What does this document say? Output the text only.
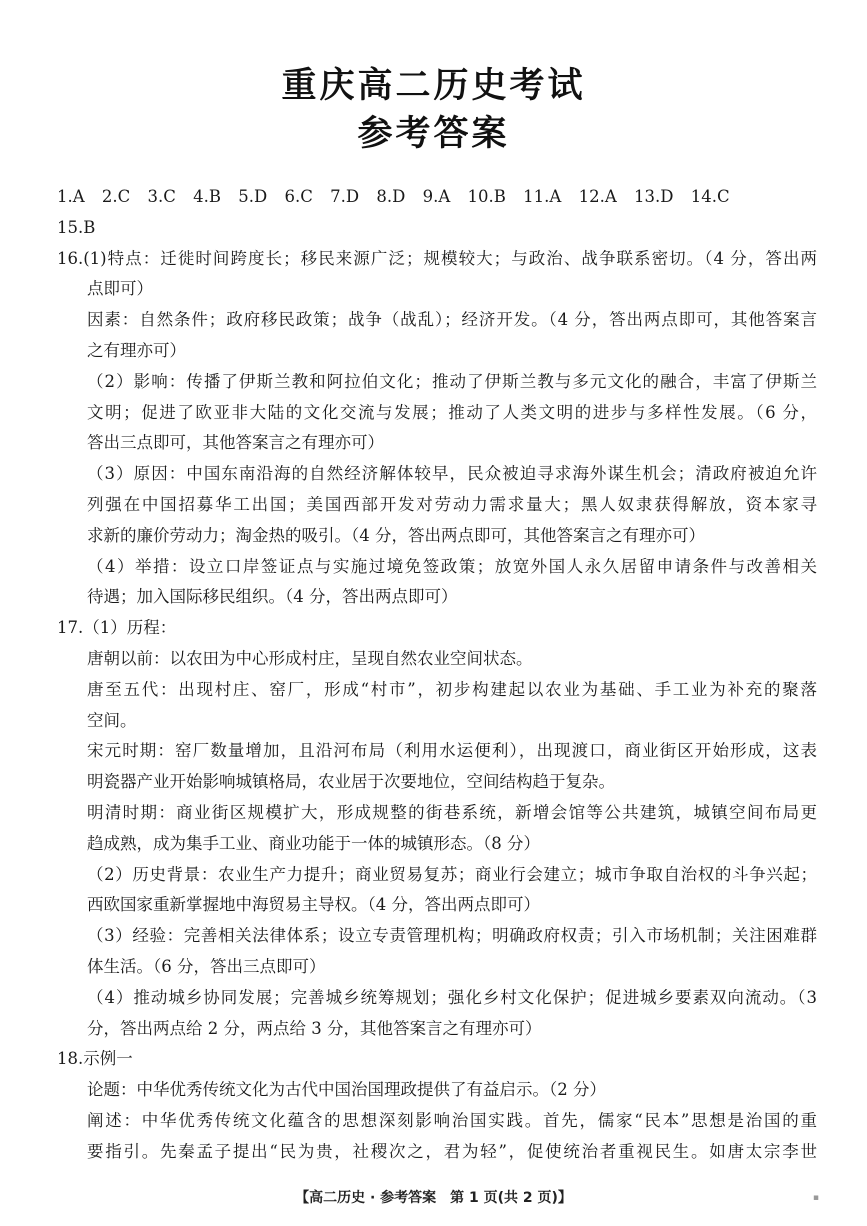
重庆高二历史考试
参考答案
1.A 2.C 3.C 4.B 5.D 6.C 7.D 8.D 9.A 10.B 11.A 12.A 13.D 14.C
15.B
16.(1)特点：迁徙时间跨度长；移民来源广泛；规模较大；与政治、战争联系密切。（4 分，答出两
点即可）
因素：自然条件；政府移民政策；战争（战乱）；经济开发。（4 分，答出两点即可，其他答案言
之有理亦可）
（2）影响：传播了伊斯兰教和阿拉伯文化；推动了伊斯兰教与多元文化的融合，丰富了伊斯兰
文明；促进了欧亚非大陆的文化交流与发展；推动了人类文明的进步与多样性发展。（6 分，
答出三点即可，其他答案言之有理亦可）
（3）原因：中国东南沿海的自然经济解体较早，民众被迫寻求海外谋生机会；清政府被迫允许
列强在中国招募华工出国；美国西部开发对劳动力需求量大；黑人奴隶获得解放，资本家寻
求新的廉价劳动力；淘金热的吸引。（4 分，答出两点即可，其他答案言之有理亦可）
（4）举措：设立口岸签证点与实施过境免签政策；放宽外国人永久居留申请条件与改善相关
待遇；加入国际移民组织。（4 分，答出两点即可）
17.（1）历程：
唐朝以前：以农田为中心形成村庄，呈现自然农业空间状态。
唐至五代：出现村庄、窑厂，形成“村市”，初步构建起以农业为基础、手工业为补充的聚落
空间。
宋元时期：窑厂数量增加，且沿河布局（利用水运便利），出现渡口，商业街区开始形成，这表
明瓷器产业开始影响城镇格局，农业居于次要地位，空间结构趋于复杂。
明清时期：商业街区规模扩大，形成规整的街巷系统，新增会馆等公共建筑，城镇空间布局更
趋成熟，成为集手工业、商业功能于一体的城镇形态。（8 分）
（2）历史背景：农业生产力提升；商业贸易复苏；商业行会建立；城市争取自治权的斗争兴起；
西欧国家重新掌握地中海贸易主导权。（4 分，答出两点即可）
（3）经验：完善相关法律体系；设立专责管理机构；明确政府权责；引入市场机制；关注困难群
体生活。（6 分，答出三点即可）
（4）推动城乡协同发展；完善城乡统筹规划；强化乡村文化保护；促进城乡要素双向流动。（3
分，答出两点给 2 分，两点给 3 分，其他答案言之有理亦可）
18.示例一
论题：中华优秀传统文化为古代中国治国理政提供了有益启示。（2 分）
阐述：中华优秀传统文化蕴含的思想深刻影响治国实践。首先，儒家“民本”思想是治国的重
要指引。先秦孟子提出“民为贵，社稷次之，君为轻”，促使统治者重视民生。如唐太宗李世
【高二历史 · 参考答案　第 1 页(共 2 页)】	▪
